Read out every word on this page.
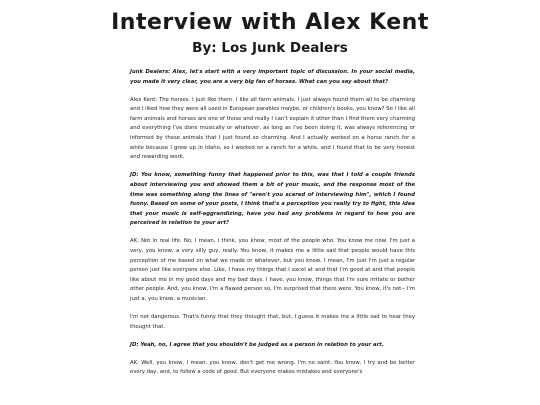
Interview with Alex Kent
By: Los Junk Dealers

Junk Dealers: Alex, let's start with a very important topic of discussion. In your social media, you made it very clear, you are a very big fan of horses. What can you say about that?

Alex Kent: The horses. I just like them. I like all farm animals. I just always found them all to be charming and I liked how they were all used in European parables maybe, or children's books, you know? So I like all farm animals and horses are one of those and really I can't explain it other than I find them very charming and everything I've done musically or whatever, as long as I've been doing it, was always referencing or informed by these animals that I just found so charming. And I actually worked on a horse ranch for a while because I grew up in Idaho, so I worked on a ranch for a while, and I found that to be very honest and rewarding work.

JD: You know, something funny that happened prior to this, was that I told a couple friends about interviewing you and showed them a bit of your music, and the response most of the time was something along the lines of "aren't you scared of interviewing him", which I found funny. Based on some of your posts, I think that's a perception you really try to fight, this idea that your music is self-aggrandizing, have you had any problems in regard to how you are perceived in relation to your art?

AK: Not in real life. No, I mean, I think, you know, most of the people who. You know me now. I'm just a very, you know, a very silly guy, really. You know, it makes me a little sad that people would have this perception of me based on what we made or whatever, but you know, I mean, I'm just I'm just a regular person just like everyone else. Like, I have my things that I excel at and that I'm good at and that people like about me in my good days and my bad days. I have, you know, things that I'm sure irritate or bother other people. And, you know, I'm a flawed person so, I'm surprised that there were. You know, it's not-- I'm just a, you know, a musician.

I'm not dangerous. That's funny that they thought that, but, I guess it makes me a little sad to hear they thought that.

JD: Yeah, no, I agree that you shouldn't be judged as a person in relation to your art.

AK: Well, you know, I mean, you know, don't get me wrong, I'm no saint. You know, I try and be better every day, and, to follow a code of good. But everyone makes mistakes and everyone's
